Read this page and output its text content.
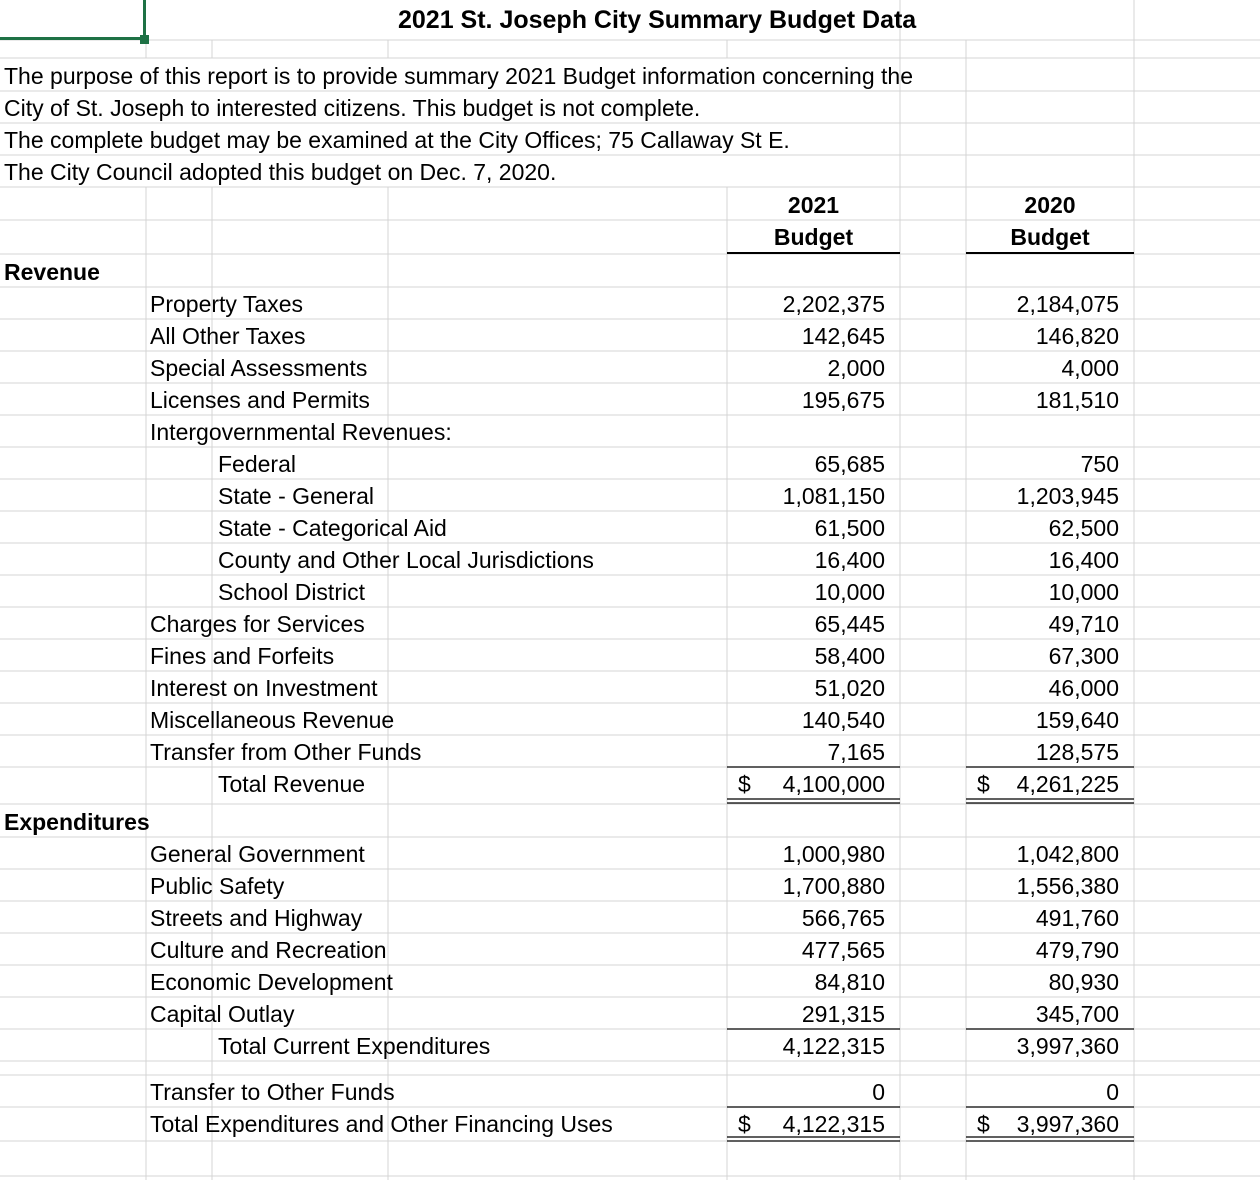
2021 St. Joseph City Summary Budget Data
The purpose of this report is to provide summary 2021 Budget information concerning the
City of St. Joseph to interested citizens. This budget is not complete.
The complete budget may be examined at the City Offices; 75 Callaway St E.
The City Council adopted this budget on Dec. 7, 2020.
2021
Budget
2020
Budget
Revenue
Property Taxes	2,202,375	2,184,075
All Other Taxes	142,645	146,820
Special Assessments	2,000	4,000
Licenses and Permits	195,675	181,510
Intergovernmental Revenues:
Federal	65,685	750
State - General	1,081,150	1,203,945
State - Categorical Aid	61,500	62,500
County and Other Local Jurisdictions	16,400	16,400
School District	10,000	10,000
Charges for Services	65,445	49,710
Fines and Forfeits	58,400	67,300
Interest on Investment	51,020	46,000
Miscellaneous Revenue	140,540	159,640
Transfer from Other Funds	7,165	128,575
Total Revenue	$ 4,100,000	$ 4,261,225
Expenditures
General Government	1,000,980	1,042,800
Public Safety	1,700,880	1,556,380
Streets and Highway	566,765	491,760
Culture and Recreation	477,565	479,790
Economic Development	84,810	80,930
Capital Outlay	291,315	345,700
Total Current Expenditures	4,122,315	3,997,360
Transfer to Other Funds	0	0
Total Expenditures and Other Financing Uses	$ 4,122,315	$ 3,997,360
